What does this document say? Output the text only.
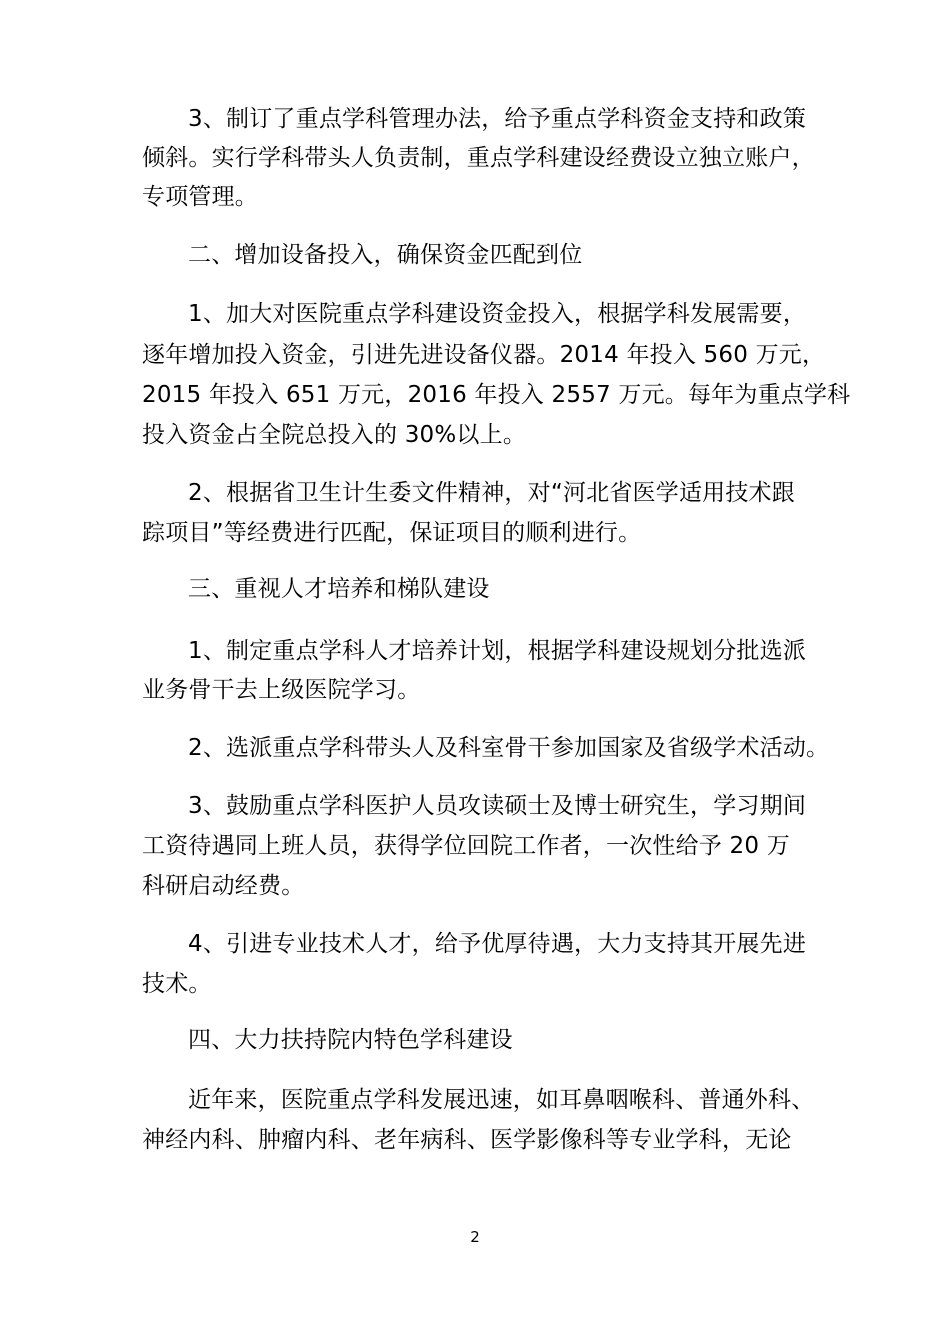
3、制订了重点学科管理办法，给予重点学科资金支持和政策
倾斜。实行学科带头人负责制，重点学科建设经费设立独立账户，
专项管理。
二、增加设备投入，确保资金匹配到位
1、加大对医院重点学科建设资金投入，根据学科发展需要，
逐年增加投入资金，引进先进设备仪器。2014 年投入 560 万元，
2015 年投入 651 万元，2016 年投入 2557 万元。每年为重点学科
投入资金占全院总投入的 30%以上。
2、根据省卫生计生委文件精神，对“河北省医学适用技术跟
踪项目”等经费进行匹配，保证项目的顺利进行。
三、重视人才培养和梯队建设
1、制定重点学科人才培养计划，根据学科建设规划分批选派
业务骨干去上级医院学习。
2、选派重点学科带头人及科室骨干参加国家及省级学术活动。
3、鼓励重点学科医护人员攻读硕士及博士研究生，学习期间
工资待遇同上班人员，获得学位回院工作者，一次性给予 20 万
科研启动经费。
4、引进专业技术人才，给予优厚待遇，大力支持其开展先进
技术。
四、大力扶持院内特色学科建设
近年来，医院重点学科发展迅速，如耳鼻咽喉科、普通外科、
神经内科、肿瘤内科、老年病科、医学影像科等专业学科，无论
2
